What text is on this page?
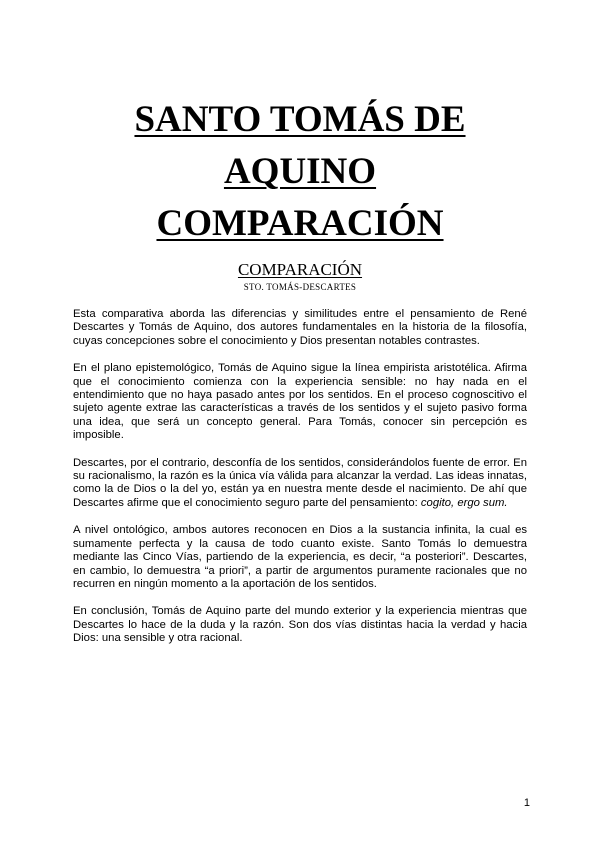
SANTO TOMÁS DE
AQUINO
COMPARACIÓN
COMPARACIÓN
STO. TOMÁS-DESCARTES

Esta comparativa aborda las diferencias y similitudes entre el pensamiento de René Descartes y Tomás de Aquino, dos autores fundamentales en la historia de la filosofía, cuyas concepciones sobre el conocimiento y Dios presentan notables contrastes.

En el plano epistemológico, Tomás de Aquino sigue la línea empirista aristotélica. Afirma que el conocimiento comienza con la experiencia sensible: no hay nada en el entendimiento que no haya pasado antes por los sentidos. En el proceso cognoscitivo el sujeto agente extrae las características a través de los sentidos y el sujeto pasivo forma una idea, que será un concepto general. Para Tomás, conocer sin percepción es imposible.

Descartes, por el contrario, desconfía de los sentidos, considerándolos fuente de error. En su racionalismo, la razón es la única vía válida para alcanzar la verdad. Las ideas innatas, como la de Dios o la del yo, están ya en nuestra mente desde el nacimiento. De ahí que Descartes afirme que el conocimiento seguro parte del pensamiento: cogito, ergo sum.

A nivel ontológico, ambos autores reconocen en Dios a la sustancia infinita, la cual es sumamente perfecta y la causa de todo cuanto existe. Santo Tomás lo demuestra mediante las Cinco Vías, partiendo de la experiencia, es decir, “a posteriori”. Descartes, en cambio, lo demuestra “a priori”, a partir de argumentos puramente racionales que no recurren en ningún momento a la aportación de los sentidos.

En conclusión, Tomás de Aquino parte del mundo exterior y la experiencia mientras que Descartes lo hace de la duda y la razón. Son dos vías distintas hacia la verdad y hacia Dios: una sensible y otra racional.

1
